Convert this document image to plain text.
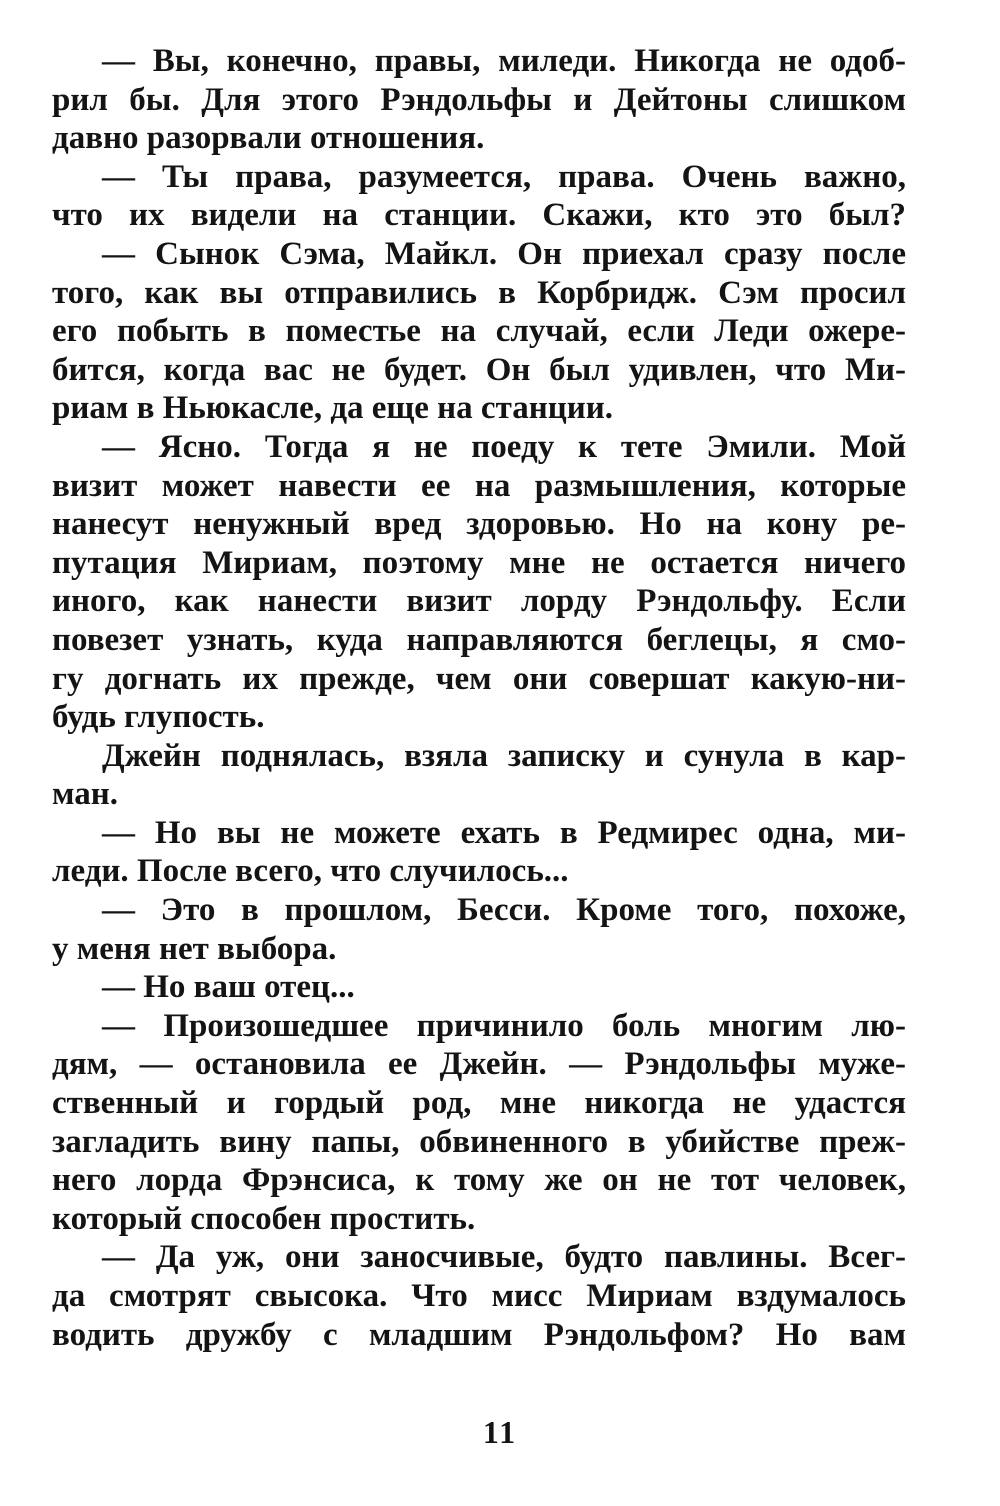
— Вы, конечно, правы, миледи. Никогда не одоб-
рил бы. Для этого Рэндольфы и Дейтоны слишком
давно разорвали отношения.
— Ты права, разумеется, права. Очень важно,
что их видели на станции. Скажи, кто это был?
— Сынок Сэма, Майкл. Он приехал сразу после
того, как вы отправились в Корбридж. Сэм просил
его побыть в поместье на случай, если Леди ожере-
бится, когда вас не будет. Он был удивлен, что Ми-
риам в Ньюкасле, да еще на станции.
— Ясно. Тогда я не поеду к тете Эмили. Мой
визит может навести ее на размышления, которые
нанесут ненужный вред здоровью. Но на кону ре-
путация Мириам, поэтому мне не остается ничего
иного, как нанести визит лорду Рэндольфу. Если
повезет узнать, куда направляются беглецы, я смо-
гу догнать их прежде, чем они совершат какую-ни-
будь глупость.
Джейн поднялась, взяла записку и сунула в кар-
ман.
— Но вы не можете ехать в Редмирес одна, ми-
леди. После всего, что случилось...
— Это в прошлом, Бесси. Кроме того, похоже,
у меня нет выбора.
— Но ваш отец...
— Произошедшее причинило боль многим лю-
дям, — остановила ее Джейн. — Рэндольфы муже-
ственный и гордый род, мне никогда не удастся
загладить вину папы, обвиненного в убийстве преж-
него лорда Фрэнсиса, к тому же он не тот человек,
который способен простить.
— Да уж, они заносчивые, будто павлины. Всег-
да смотрят свысока. Что мисс Мириам вздумалось
водить дружбу с младшим Рэндольфом? Но вам
11
